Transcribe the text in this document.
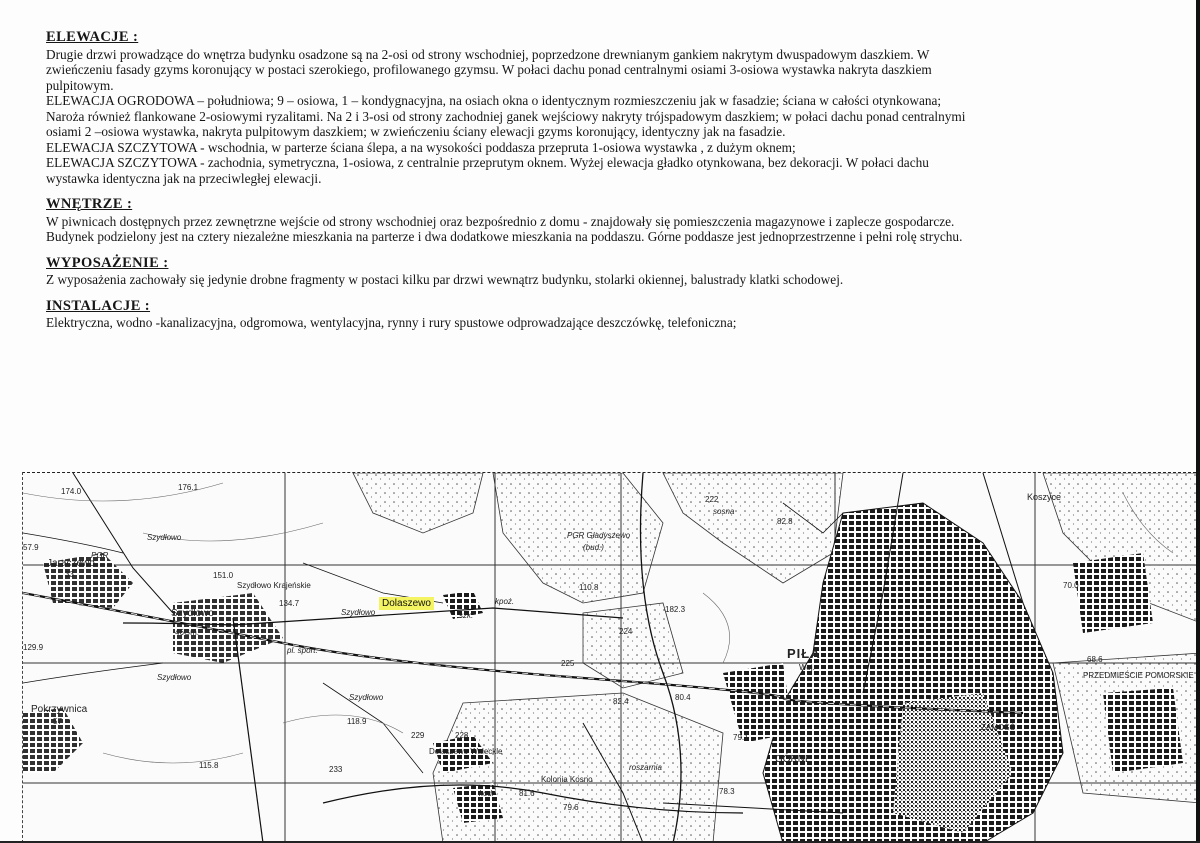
ELEWACJE :

Drugie drzwi prowadzące do wnętrza budynku osadzone są na 2-osi od strony wschodniej, poprzedzone drewnianym gankiem nakrytym dwuspadowym daszkiem. W
zwieńczeniu fasady gzyms koronujący w postaci szerokiego, profilowanego gzymsu. W połaci dachu ponad centralnymi osiami 3-osiowa wystawka nakryta daszkiem
pulpitowym.
ELEWACJA OGRODOWA – południowa; 9 – osiowa, 1 – kondygnacyjna, na osiach okna o identycznym rozmieszczeniu jak w fasadzie; ściana w całości otynkowana;
Naroża również flankowane 2-osiowymi ryzalitami. Na 2 i 3-osi od strony zachodniej ganek wejściowy nakryty trójspadowym daszkiem; w połaci dachu ponad centralnymi
osiami 2 –osiowa wystawka, nakryta pulpitowym daszkiem; w zwieńczeniu ściany elewacji gzyms koronujący, identyczny jak na fasadzie.
ELEWACJA SZCZYTOWA - wschodnia, w parterze ściana ślepa, a na wysokości poddasza przepruta 1-osiowa wystawka , z dużym oknem;
ELEWACJA SZCZYTOWA - zachodnia, symetryczna, 1-osiowa, z centralnie przeprutym oknem. Wyżej elewacja gładko otynkowana, bez dekoracji. W połaci dachu
wystawka identyczna jak na przeciwległej elewacji.

WNĘTRZE :

W piwnicach dostępnych przez zewnętrzne wejście od strony wschodniej oraz bezpośrednio z domu - znajdowały się pomieszczenia magazynowe i zaplecze gospodarcze.
Budynek podzielony jest na cztery niezależne mieszkania na parterze i dwa dodatkowe mieszkania na poddaszu. Górne poddasze jest jednoprzestrzenne i pełni rolę strychu.

WYPOSAŻENIE :

Z wyposażenia zachowały się jedynie drobne fragmenty w postaci kilku par drzwi wewnątrz budynku, stolarki okiennej, balustrady klatki schodowej.

INSTALACJE :

Elektryczna, wodno -kanalizacyjna, odgromowa, wentylacyjna, rynny i rury spustowe odprowadzające deszczówkę, telefoniczna;

174.0	176.1
Szydłowo
57.9
PGR
Jaraczewo
33	151.0
Szydłowo Krajeńskie
134.7
Szydłowo
Szydłowo
46Gm.
pl. sport.
129.9
Szydłowo
Szydłowo
Pokrzywnica
57	118.9
229	228
Dolaszewo Wałeckie
115.8	233
kod.
Kolonia Kosno
81.6
79.6
roszarnia
PGR Gładyszewo
(bud.)
110.8
kpoż.
szk.
182.3
224
225
222
sosna
82.8
80.4
82.4
79.1
78.3
GÓRNE
PIŁA
Woj.
Koszyce
70.0
68.6
PRZEDMIEŚCIE POMORSKIE
ZAMOŚĆ
Dolaszewo
